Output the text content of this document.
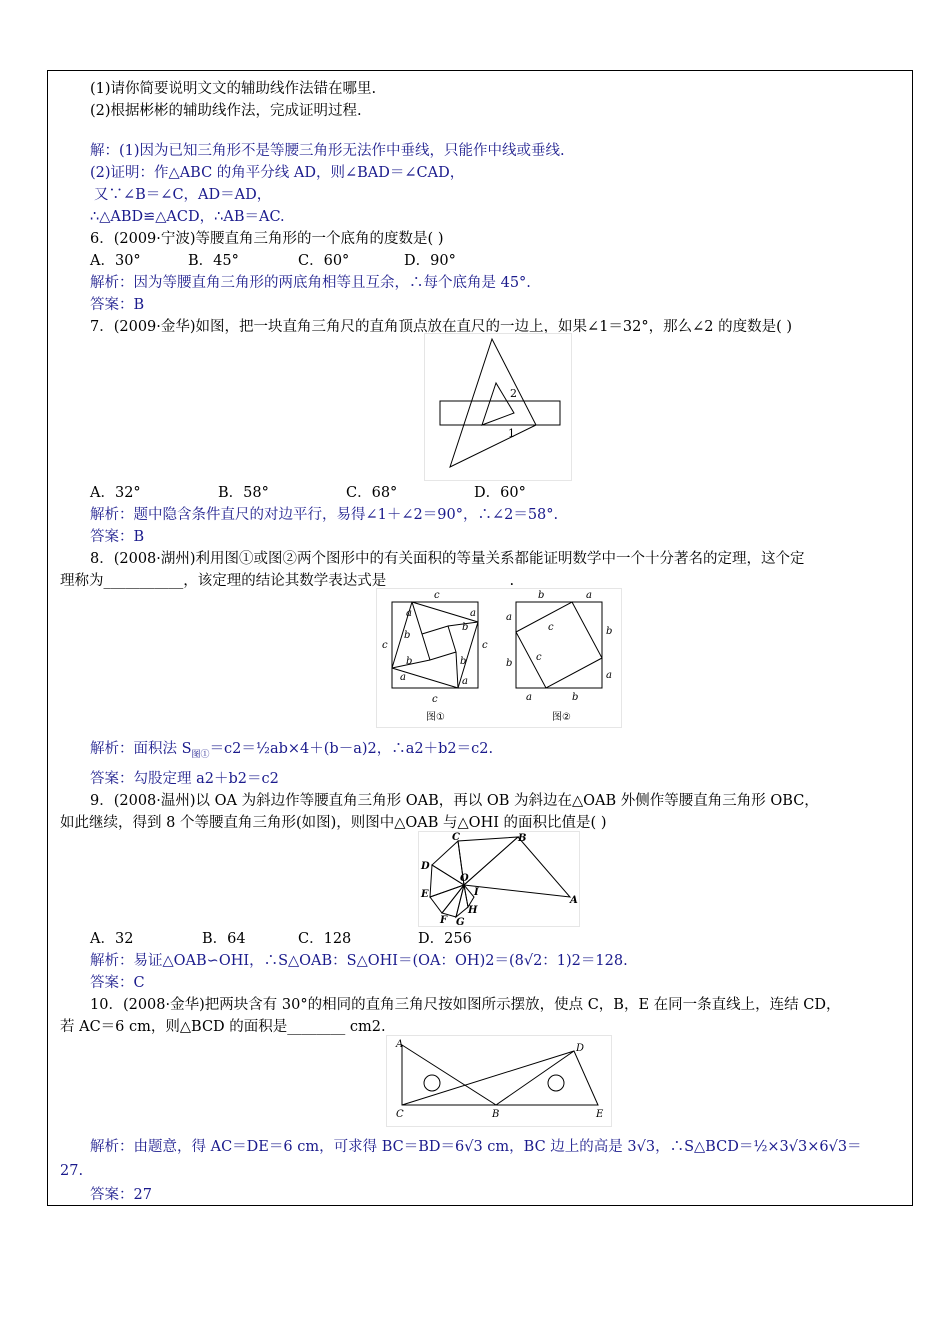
(1)请你简要说明文文的辅助线作法错在哪里.
(2)根据彬彬的辅助线作法，完成证明过程.
解：(1)因为已知三角形不是等腰三角形无法作中垂线，只能作中线或垂线.
(2)证明：作△ABC 的角平分线 AD，则∠BAD＝∠CAD，
又∵∠B＝∠C，AD＝AD，
∴△ABD≌△ACD，∴AB＝AC.
6．(2009·宁波)等腰直角三角形的一个底角的度数是( )
A．30°	B．45°	C．60°	D．90°
解析：因为等腰直角三角形的两底角相等且互余，∴每个底角是 45°.
答案：B
7．(2009·金华)如图，把一块直角三角尺的直角顶点放在直尺的一边上，如果∠1＝32°，那么∠2 的度数是( )
2
1
A．32°	B．58°	C．68°	D．60°
解析：题中隐含条件直尺的对边平行，易得∠1＋∠2＝90°，∴∠2＝58°.
答案：B
8．(2008·湖州)利用图①或图②两个图形中的有关面积的等量关系都能证明数学中一个十分著名的定理，这个定
理称为___________，该定理的结论其数学表达式是_________________.
c
a
b
c	c
b
a
b
a
a
b
c
图①
b	a
a
b
c
c
b
a
a	b
图②
解析：面积法 $S_{图①}=c2=\frac{1}{2}ab\times 4+(b-a)2$，∴a2＋b2＝c2.
答案：勾股定理 a2＋b2＝c2
9．(2008·温州)以 OA 为斜边作等腰直角三角形 OAB，再以 OB 为斜边在△OAB 外侧作等腰直角三角形 OBC，
如此继续，得到 8 个等腰直角三角形(如图)，则图中△OAB 与△OHI 的面积比值是( )
C	B
D
O
I
E
A
H
F G
A．32	B．64	C．128	D．256
解析：易证△OAB∽OHI，∴S△OAB：S△OHI＝(OA：OH)2＝(8√2：1)2＝128.
答案：C
10．(2008·金华)把两块含有 30°的相同的直角三角尺按如图所示摆放，使点 C，B，E 在同一条直线上，连结 CD，
若 AC＝6 cm，则△BCD 的面积是________ cm2.
A	D
C	B	E
解析：由题意，得 AC＝DE＝6 cm，可求得 BC＝BD＝6√3 cm，BC 边上的高是 3√3，∴S△BCD＝½×3√3×6√3＝
27.
答案：27
